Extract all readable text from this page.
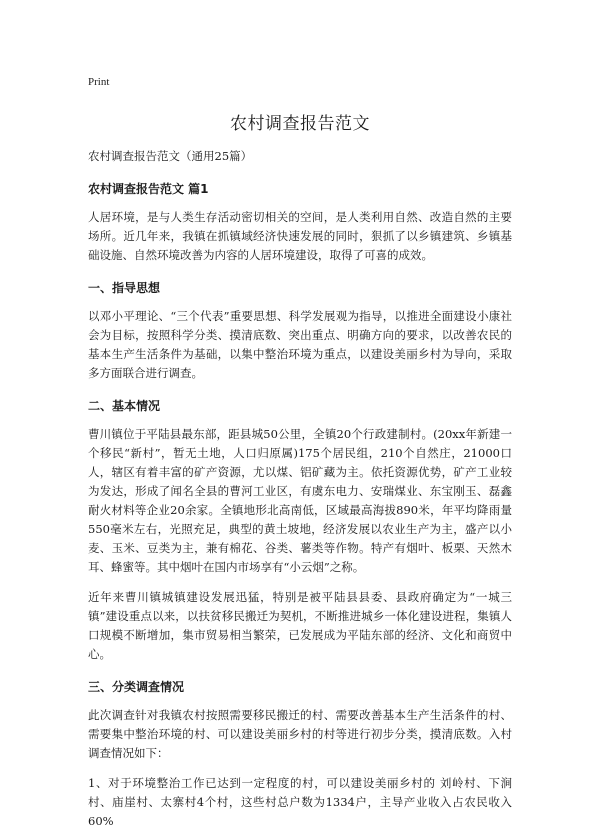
Print
农村调查报告范文

农村调查报告范文（通用25篇）

农村调查报告范文 篇1

人居环境，是与人类生存活动密切相关的空间，是人类利用自然、改造自然的主要场所。近几年来，我镇在抓镇域经济快速发展的同时，狠抓了以乡镇建筑、乡镇基础设施、自然环境改善为内容的人居环境建设，取得了可喜的成效。

一、指导思想

以邓小平理论、“三个代表”重要思想、科学发展观为指导，以推进全面建设小康社会为目标，按照科学分类、摸清底数、突出重点、明确方向的要求，以改善农民的基本生产生活条件为基础，以集中整治环境为重点，以建设美丽乡村为导向，采取多方面联合进行调查。

二、基本情况

曹川镇位于平陆县最东部，距县城50公里，全镇20个行政建制村。(20xx年新建一个移民“新村”，暂无土地，人口归原属)175个居民组，210个自然庄，21000口人，辖区有着丰富的矿产资源，尤以煤、铝矿藏为主。依托资源优势，矿产工业较为发达，形成了闻名全县的曹河工业区，有虞东电力、安瑞煤业、东宝刚玉、磊鑫耐火材料等企业20余家。全镇地形北高南低，区域最高海拔890米，年平均降雨量550毫米左右，光照充足，典型的黄土坡地，经济发展以农业生产为主，盛产以小麦、玉米、豆类为主，兼有棉花、谷类、薯类等作物。特产有烟叶、板栗、天然木耳、蜂蜜等。其中烟叶在国内市场享有“小云烟”之称。

近年来曹川镇城镇建设发展迅猛，特别是被平陆县县委、县政府确定为“一城三镇”建设重点以来，以扶贫移民搬迁为契机，不断推进城乡一体化建设进程，集镇人口规模不断增加，集市贸易相当繁荣，已发展成为平陆东部的经济、文化和商贸中心。

三、分类调查情况

此次调查针对我镇农村按照需要移民搬迁的村、需要改善基本生产生活条件的村、需要集中整治环境的村、可以建设美丽乡村的村等进行初步分类，摸清底数。入村调查情况如下：

1、对于环境整治工作已达到一定程度的村，可以建设美丽乡村的 刘岭村、下涧村、庙崖村、太寨村4个村，这些村总户数为1334户，主导产业收入占农民收入60%
